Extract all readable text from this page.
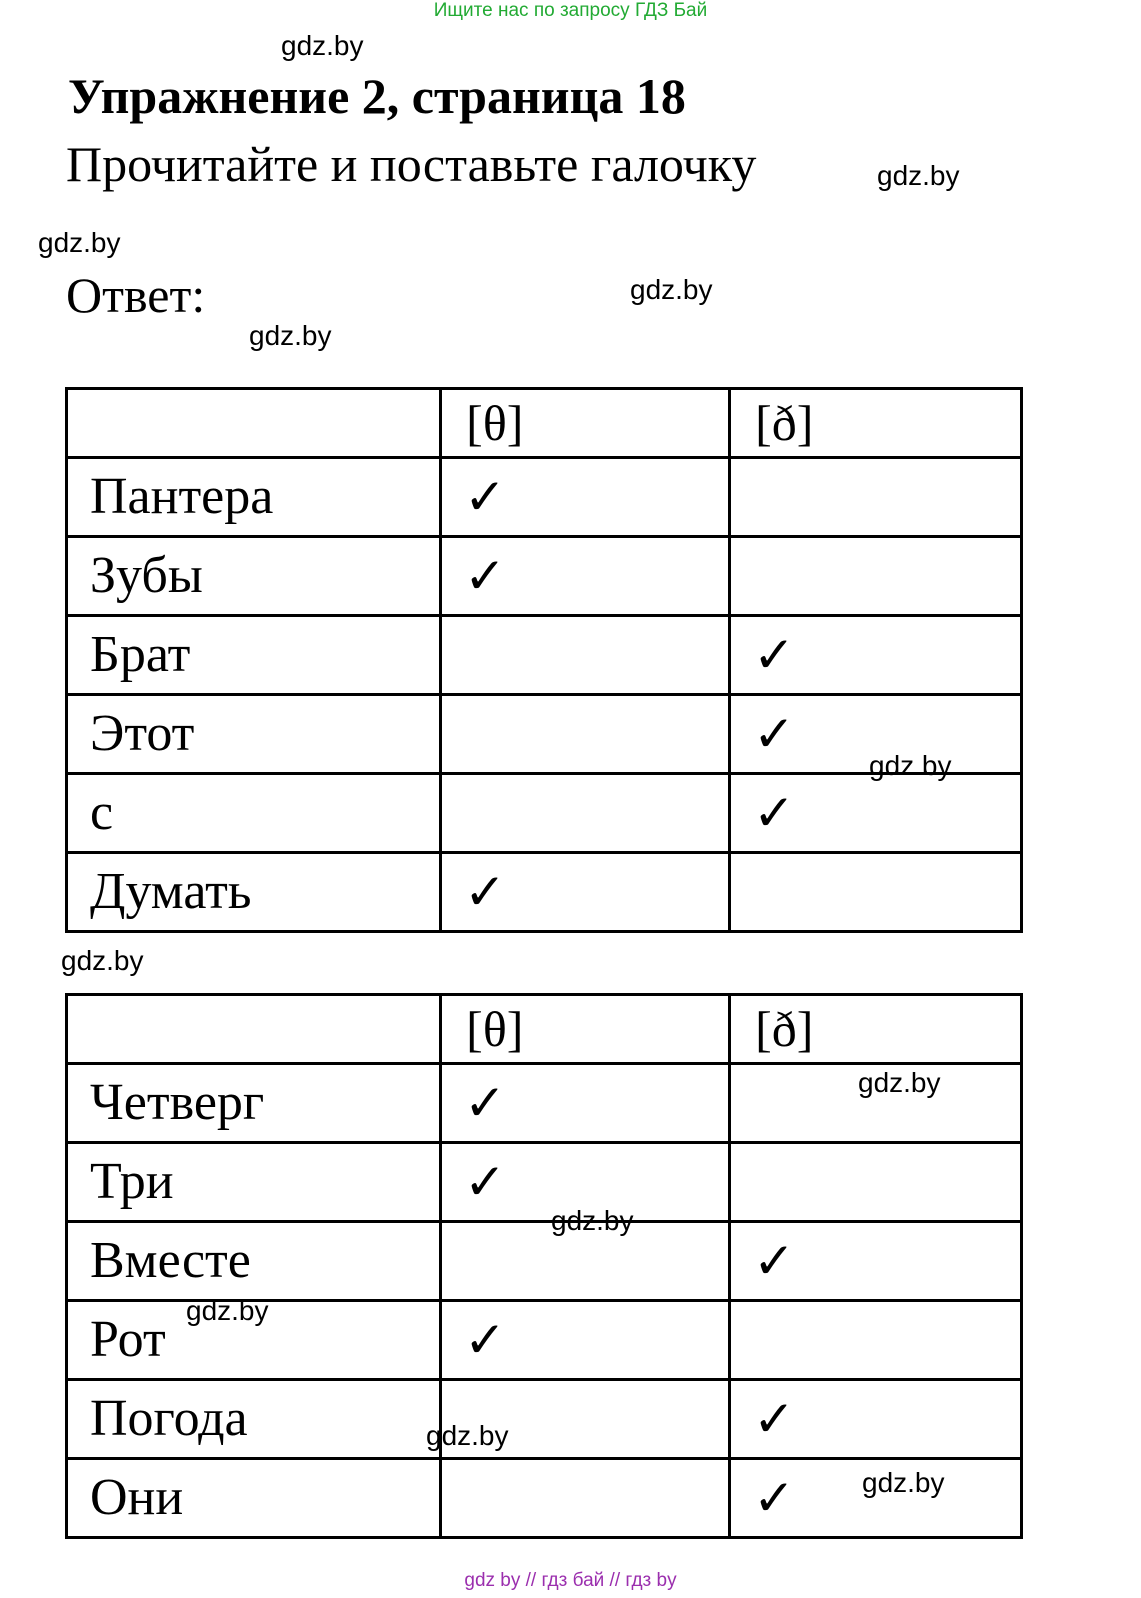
Ищите нас по запросу ГДЗ Бай
Упражнение 2, страница 18
Прочитайте и поставьте галочку
Ответ:
gdz.by
gdz.by
gdz.by
gdz.by
gdz.by
gdz.by
	[θ]	[ð]
Пантера	✓	
Зубы	✓	
Брат		✓
Этот		✓
с		✓
Думать	✓	
	[θ]	[ð]
Четверг	✓	
Три	✓	
Вместе		✓
Рот	✓	
Погода		✓
Они		✓
gdz.by
gdz.by
gdz.by
gdz.by
gdz.by
gdz.by
gdz by // гдз бай // гдз by
